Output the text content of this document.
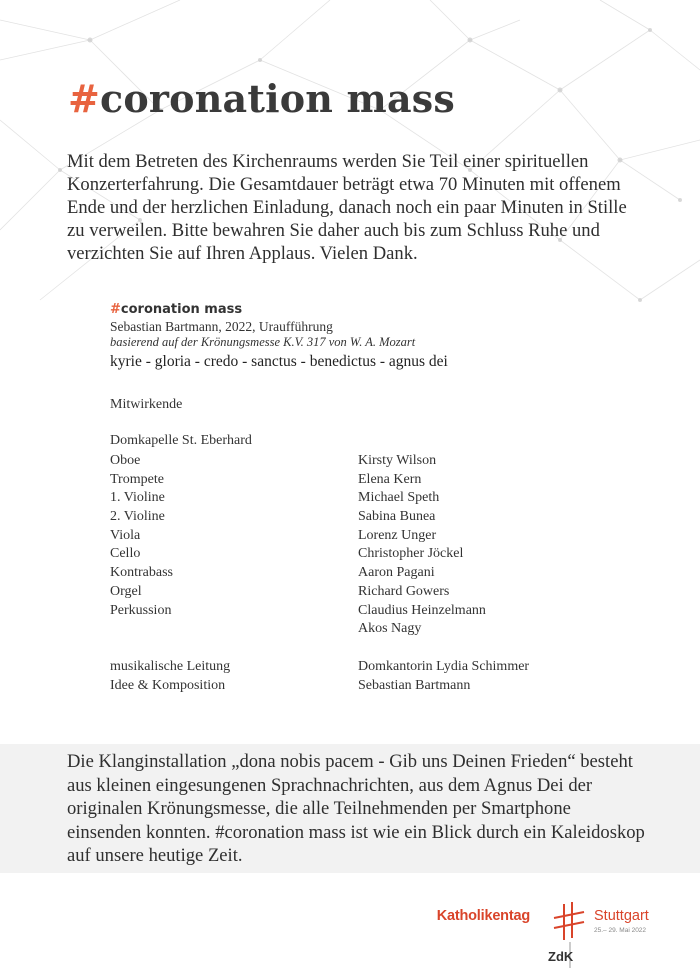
#coronation mass

Mit dem Betreten des Kirchenraums werden Sie Teil einer spirituellen Konzerterfahrung. Die Gesamtdauer beträgt etwa 70 Minuten mit offenem Ende und der herzlichen Einladung, danach noch ein paar Minuten in Stille zu verweilen. Bitte bewahren Sie daher auch bis zum Schluss Ruhe und verzichten Sie auf Ihren Applaus. Vielen Dank.

#coronation mass

Sebastian Bartmann, 2022, Uraufführung

basierend auf der Krönungsmesse K.V. 317 von W. A. Mozart

kyrie - gloria - credo - sanctus - benedictus - agnus dei

Mitwirkende
Domkapelle St. Eberhard
Oboe	Kirsty Wilson
Trompete	Elena Kern
1. Violine	Michael Speth
2. Violine	Sabina Bunea
Viola	Lorenz Unger
Cello	Christopher Jöckel
Kontrabass	Aaron Pagani
Orgel	Richard Gowers
Perkussion	Claudius Heinzelmann
Akos Nagy
musikalische Leitung	Domkantorin Lydia Schimmer
Idee & Komposition	Sebastian Bartmann

Die Klanginstallation „dona nobis pacem - Gib uns Deinen Frieden“ besteht aus kleinen eingesungenen Sprachnachrichten, aus dem Agnus Dei der originalen Krönungsmesse, die alle Teilnehmenden per Smartphone einsenden konnten. #coronation mass ist wie ein Blick durch ein Kaleidoskop auf unsere heutige Zeit.

Katholikentag	Stuttgart
25.– 29. Mai 2022
ZdK
